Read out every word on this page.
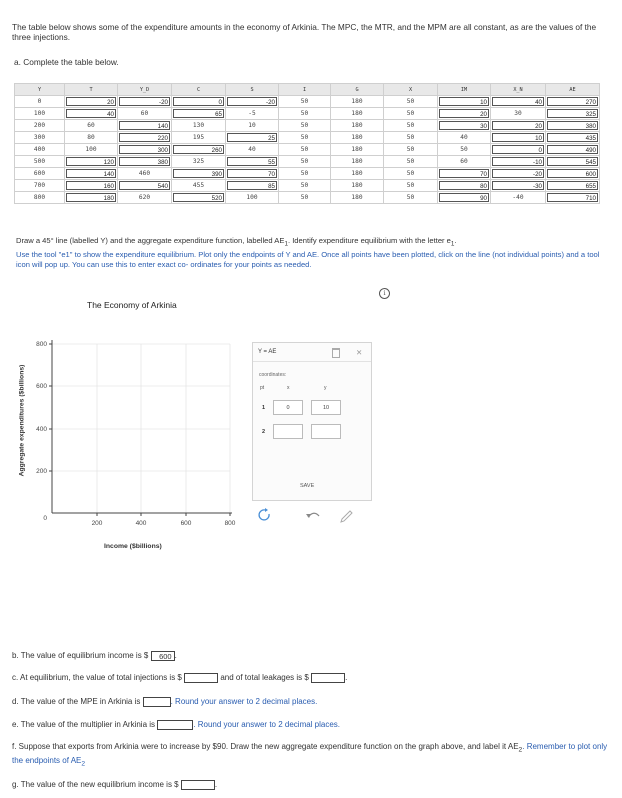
The table below shows some of the expenditure amounts in the economy of Arkinia. The MPC, the MTR, and the MPM are all constant, as are the values of the three injections.
a. Complete the table below.
Y	T	Y_D	C	S	I	G	X	IM	X_N	AE
0	20	-20	0	-20	50	180	50	10	40	270

100	40	60	65	-5	50	180	50	20	30	325

200	60	140	130	10	50	180	50	30	20	380

300	80	220	195	25	50	180	50	40	10	435

400	100	300	260	40	50	180	50	50	0	490

500	120	380	325	55	50	180	50	60	-10	545

600	140	460	390	70	50	180	50	70	-20	600

700	160	540	455	85	50	180	50	80	-30	655

800	180	620	520	100	50	180	50	90	-40	710
Draw a 45° line (labelled Y) and the aggregate expenditure function, labelled $AE_1$. Identify expenditure equilibrium with the letter $e_1$.
Use the tool "e1" to show the expenditure equilibrium. Plot only the endpoints of Y and AE. Once all points have been plotted, click on the line (not individual points) and a tool icon will pop up. You can use this to enter exact co- ordinates for your points as needed.
i
The Economy of Arkinia
Aggregate expenditures ($billions)
Income ($billions)
800
600
400
200
0
200	400	600	800
Y = AE	✕
coordinates:
pt	x	y
1	0	10
2
SAVE
b. The value of equilibrium income is $ 600 .
c. At equilibrium, the value of total injections is $	and of total leakages is $	.
d. The value of the MPE in Arkinia is	. Round your answer to 2 decimal places.
e. The value of the multiplier in Arkinia is	. Round your answer to 2 decimal places.
f. Suppose that exports from Arkinia were to increase by $90. Draw the new aggregate expenditure function on the graph above, and label it $AE_2$. Remember to plot only the endpoints of $AE_2$
g. The value of the new equilibrium income is $	.
